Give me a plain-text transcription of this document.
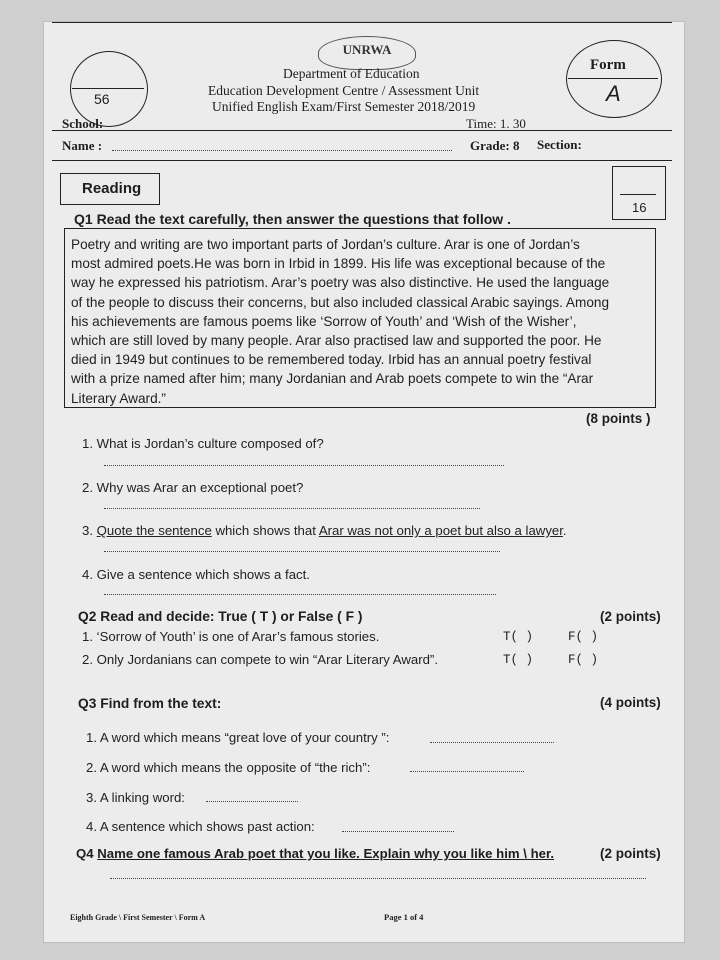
UNRWA
Department of Education
Education Development Centre / Assessment Unit
Unified English Exam/First Semester 2018/2019
Time: 1. 30
56
Form
A
School:
Name :	Grade: 8 Section:
Reading
16
Q1 Read the text carefully, then answer the questions that follow .
Poetry and writing are two important parts of Jordan’s culture. Arar is one of Jordan’s
most admired poets.He was born in Irbid in 1899. His life was exceptional because of the
way he expressed his patriotism. Arar’s poetry was also distinctive. He used the language
of the people to discuss their concerns, but also included classical Arabic sayings. Among
his achievements are famous poems like ‘Sorrow of Youth’ and ‘Wish of the Wisher’,
which are still loved by many people. Arar also practised law and supported the poor. He
died in 1949 but continues to be remembered today. Irbid has an annual poetry festival
with a prize named after him; many Jordanian and Arab poets compete to win the “Arar
Literary Award.”
(8 points )
1. What is Jordan’s culture composed of?
2. Why was Arar an exceptional poet?
3. Quote the sentence which shows that Arar was not only a poet but also a lawyer.
4. Give a sentence which shows a fact.
Q2 Read and decide: True ( T ) or False ( F )	(2 points)
1. ‘Sorrow of Youth’ is one of Arar’s famous stories.	T( )	F( )
2. Only Jordanians can compete to win “Arar Literary Award”.	T( )	F( )
Q3 Find from the text:	(4 points)
1. A word which means “great love of your country ”:
2. A word which means the opposite of “the rich”:
3. A linking word:
4. A sentence which shows past action:
Q4 Name one famous Arab poet that you like. Explain why you like him \ her.	(2 points)
Eighth Grade \ First Semester \ Form A	Page 1 of 4
